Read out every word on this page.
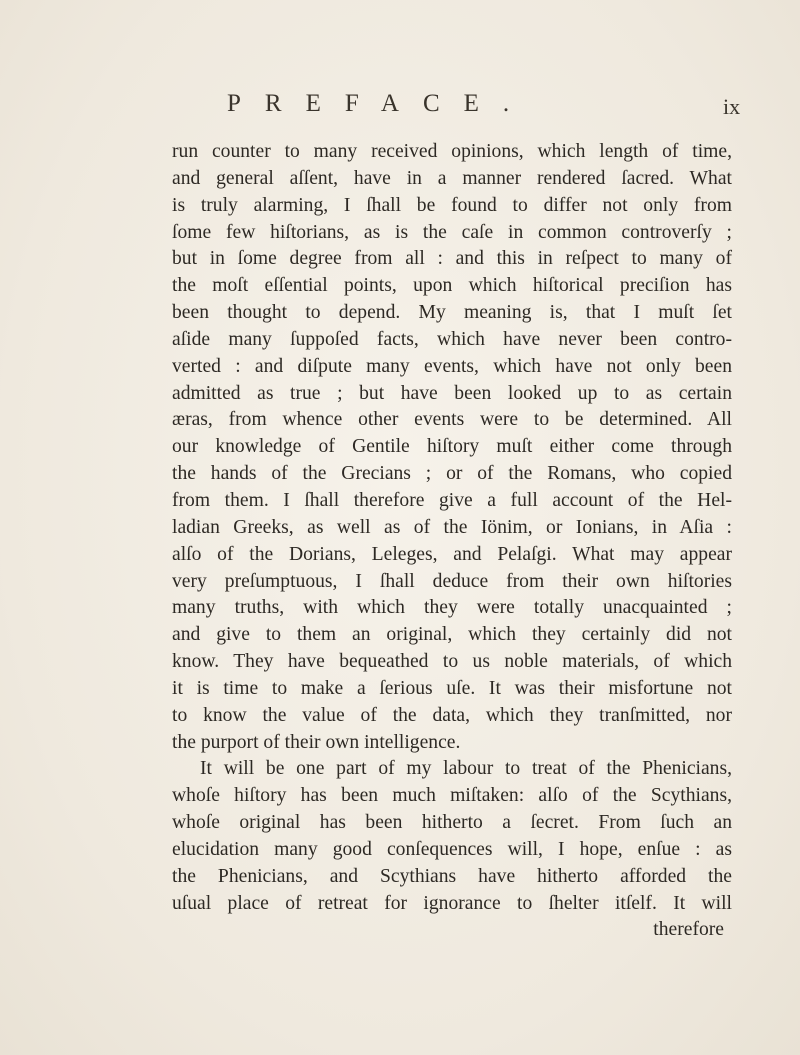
PREFACE.	ix
run counter to many received opinions, which length of time,
and general aſſent, have in a manner rendered ſacred. What
is truly alarming, I ſhall be found to differ not only from
ſome few hiſtorians, as is the caſe in common controverſy ;
but in ſome degree from all : and this in reſpect to many of
the moſt eſſential points, upon which hiſtorical preciſion has
been thought to depend. My meaning is, that I muſt ſet
aſide many ſuppoſed facts, which have never been contro-
verted : and diſpute many events, which have not only been
admitted as true ; but have been looked up to as certain
æras, from whence other events were to be determined. All
our knowledge of Gentile hiſtory muſt either come through
the hands of the Grecians ; or of the Romans, who copied
from them. I ſhall therefore give a full account of the Hel-
ladian Greeks, as well as of the Iönim, or Ionians, in Aſia :
alſo of the Dorians, Leleges, and Pelaſgi. What may appear
very preſumptuous, I ſhall deduce from their own hiſtories
many truths, with which they were totally unacquainted ;
and give to them an original, which they certainly did not
know. They have bequeathed to us noble materials, of which
it is time to make a ſerious uſe. It was their misfortune not
to know the value of the data, which they tranſmitted, nor
the purport of their own intelligence.
It will be one part of my labour to treat of the Phenicians,
whoſe hiſtory has been much miſtaken: alſo of the Scythians,
whoſe original has been hitherto a ſecret. From ſuch an
elucidation many good conſequences will, I hope, enſue : as
the Phenicians, and Scythians have hitherto afforded the
uſual place of retreat for ignorance to ſhelter itſelf. It will
therefore
